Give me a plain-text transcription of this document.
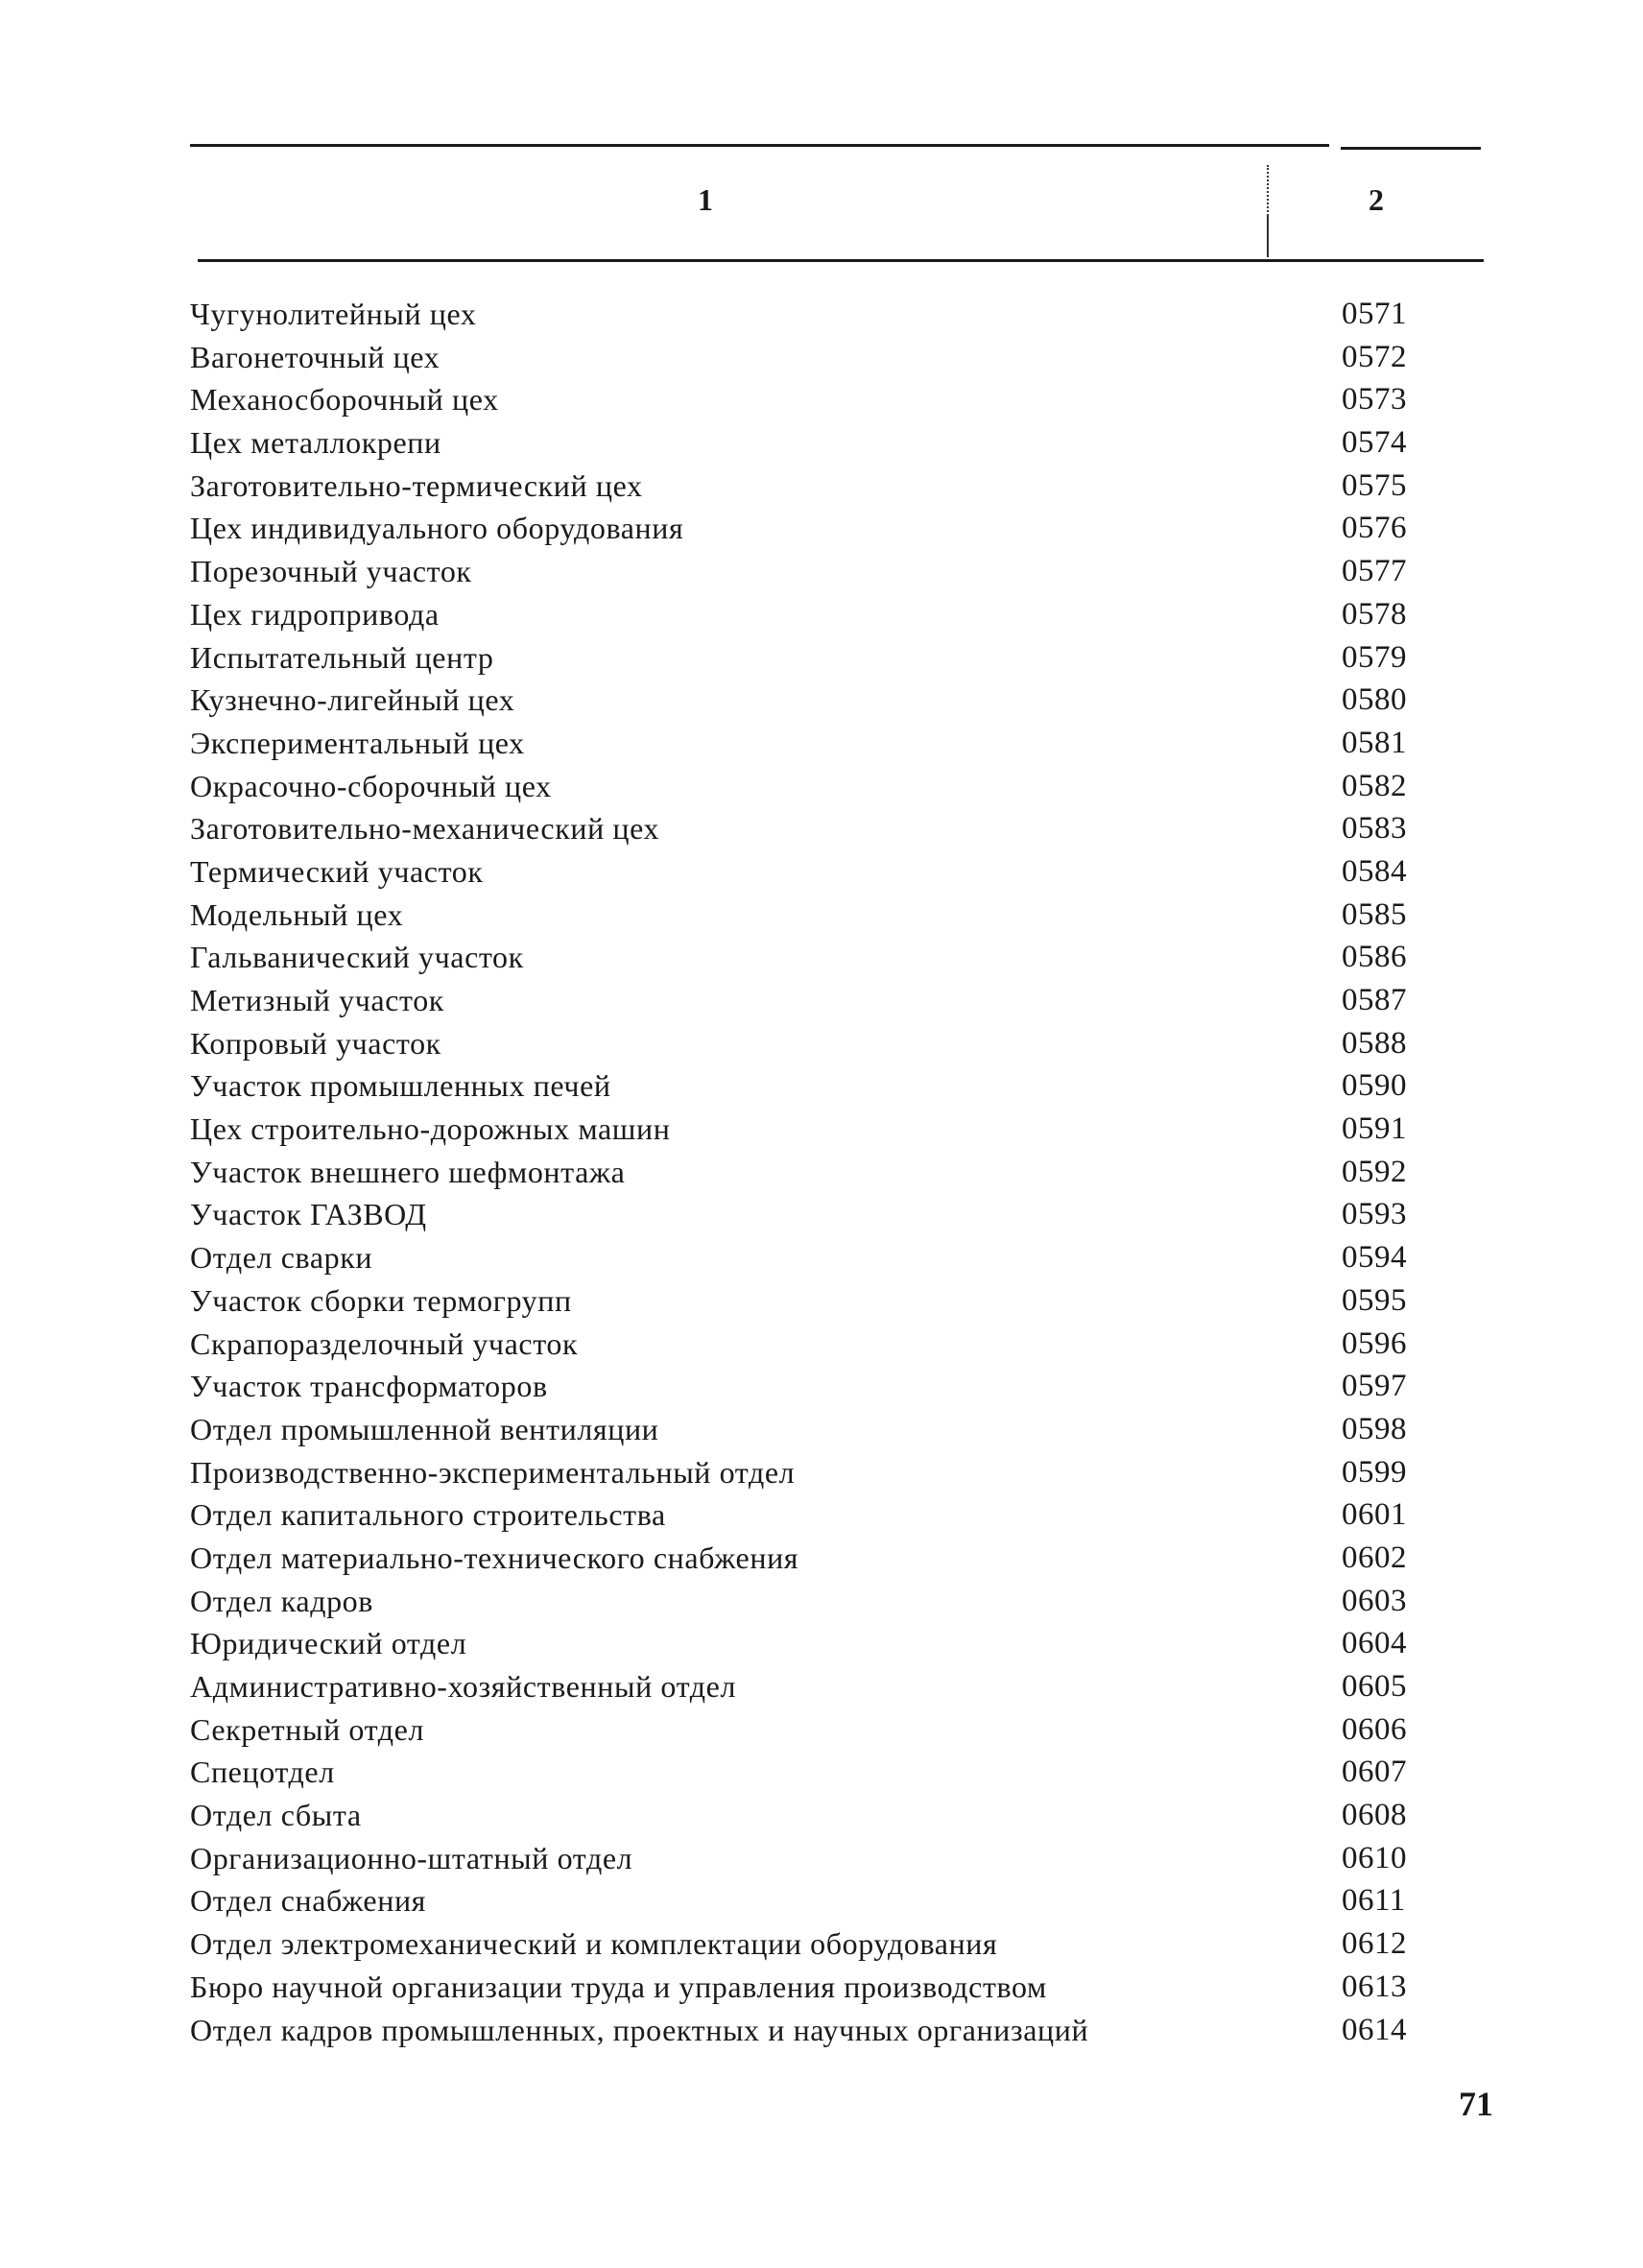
1	2
Чугунолитейный цех	0571
Вагонеточный цех	0572
Механосборочный цех	0573
Цех металлокрепи	0574
Заготовительно-термический цех	0575
Цех индивидуального оборудования	0576
Порезочный участок	0577
Цех гидропривода	0578
Испытательный центр	0579
Кузнечно-лигейный цех	0580
Экспериментальный цех	0581
Окрасочно-сборочный цех	0582
Заготовительно-механический цех	0583
Термический участок	0584
Модельный цех	0585
Гальванический участок	0586
Метизный участок	0587
Копровый участок	0588
Участок промышленных печей	0590
Цех строительно-дорожных машин	0591
Участок внешнего шефмонтажа	0592
Участок ГАЗВОД	0593
Отдел сварки	0594
Участок сборки термогрупп	0595
Скрапоразделочный участок	0596
Участок трансформаторов	0597
Отдел промышленной вентиляции	0598
Производственно-экспериментальный отдел	0599
Отдел капитального строительства	0601
Отдел материально-технического снабжения	0602
Отдел кадров	0603
Юридический отдел	0604
Административно-хозяйственный отдел	0605
Секретный отдел	0606
Спецотдел	0607
Отдел сбыта	0608
Организационно-штатный отдел	0610
Отдел снабжения	0611
Отдел электромеханический и комплектации оборудования	0612
Бюро научной организации труда и управления производством	0613
Отдел кадров промышленных, проектных и научных организаций	0614
71
